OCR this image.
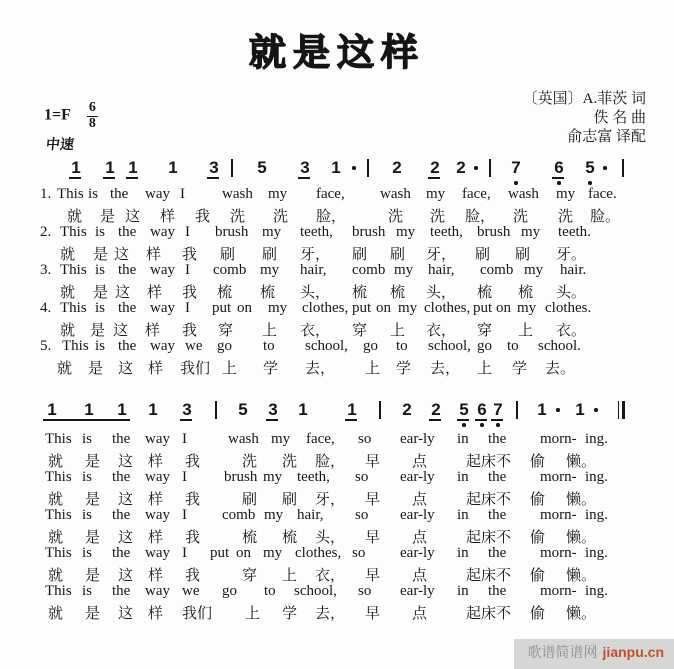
就是这样
$1=F \frac{6}{8}$
中速
〔英国〕A.菲茨 词
佚 名 曲
俞志富 译配
1 1 1 1 3 5 3 1	2 2 2	7 6 5
1. This is the way I wash my face, wash my face, wash my face.
就 是 这 样 我 洗 洗 脸，	洗 洗 脸， 洗 洗 脸。
2. This is the way I brush my teeth, brush my teeth, brush my teeth.
就 是 这 样 我 刷 刷 牙， 刷 刷 牙， 刷 刷 牙。
3. This is the way I comb my hair, comb my hair, comb my hair.
就 是 这 样 我 梳 梳 头， 梳 梳 头， 梳 梳 头。
4. This is the way I put on my clothes, put on my clothes, put on my clothes.
就 是 这 样 我 穿 上 衣， 穿 上 衣， 穿 上 衣。
5. This is the way we go to school, go to school, go to school.
就 是 这 样 我们 上 学 去， 上 学 去， 上 学 去。
1 1 1 1 3	5 3 1 1	2 2 5 6 7 1 1
This is the way I	wash my face, so ear-ly in the morn- ing.
就 是 这 样 我	洗 洗 脸， 早 点	起床不 偷 懒。
This is the way I brush my teeth, so ear-ly in the morn- ing.
就 是 这 样 我	刷 刷 牙， 早 点	起床不 偷 懒。
This is the way I comb my hair, so ear-ly in the morn- ing.
就 是 这 样 我	梳 梳 头， 早 点	起床不 偷 懒。
This is the way I put on my clothes, so ear-ly in the morn- ing.
就 是 这 样 我	穿 上 衣， 早 点	起床不 偷 懒。
This is the way we go to school, so ear-ly in the morn- ing.
就 是 这 样 我们 上 学 去， 早 点	起床不 偷 懒。
歌谱简谱网 jianpu.cn
